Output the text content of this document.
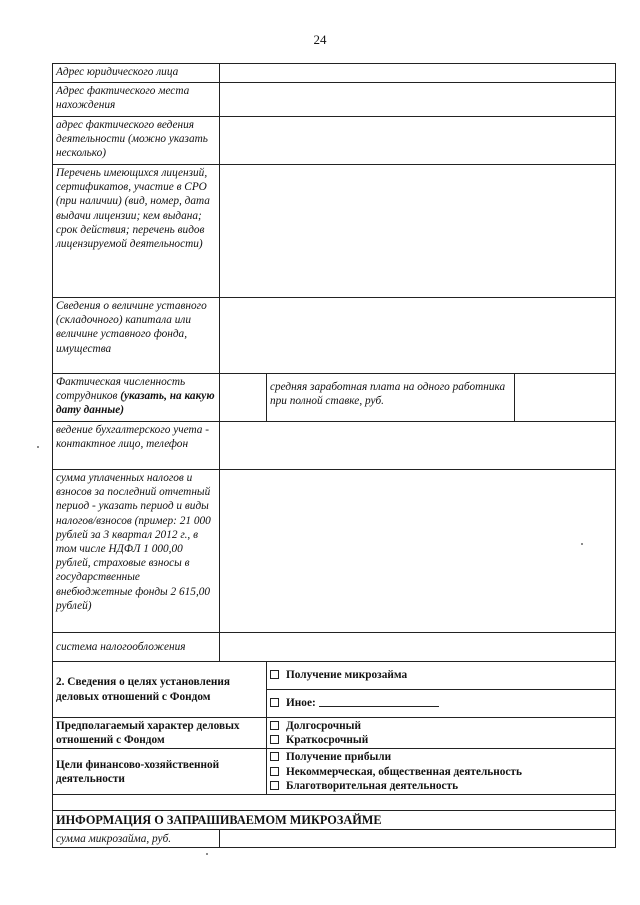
24
Адрес юридического лица			
Адрес фактического места нахождения			
адрес фактического ведения деятельности (можно указать несколько)			
Перечень имеющихся лицензий, сертификатов, участие в СРО (при наличии) (вид, номер, дата выдачи лицензии; кем выдана; срок действия; перечень видов лицензируемой деятельности)			
Сведения о величине уставного (складочного) капитала или величине уставного фонда, имущества			
Фактическая численность сотрудников (указать, на какую дату данные)		средняя заработная плата на одного работника при полной ставке, руб.	
ведение бухгалтерского учета - контактное лицо, телефон			
сумма уплаченных налогов и взносов за последний отчетный период - указать период и виды налогов/взносов (пример: 21 000 рублей за 3 квартал 2012 г., в том числе НДФЛ 1 000,00 рублей, страховые взносы в государственные внебюджетные фонды 2 615,00 рублей)			
система налогообложения			
2. Сведения о целях установления деловых отношений с Фондом		Получение микрозайма	
		Иное:	
Предполагаемый характер деловых отношений с Фондом		Долгосрочный
Краткосрочный	

Цели финансово-хозяйственной деятельности		Получение прибыли
Некоммерческая, общественная деятельность
Благотворительная деятельность	

ИНФОРМАЦИЯ О ЗАПРАШИВАЕМОМ МИКРОЗАЙМЕ			
сумма микрозайма, руб.			
